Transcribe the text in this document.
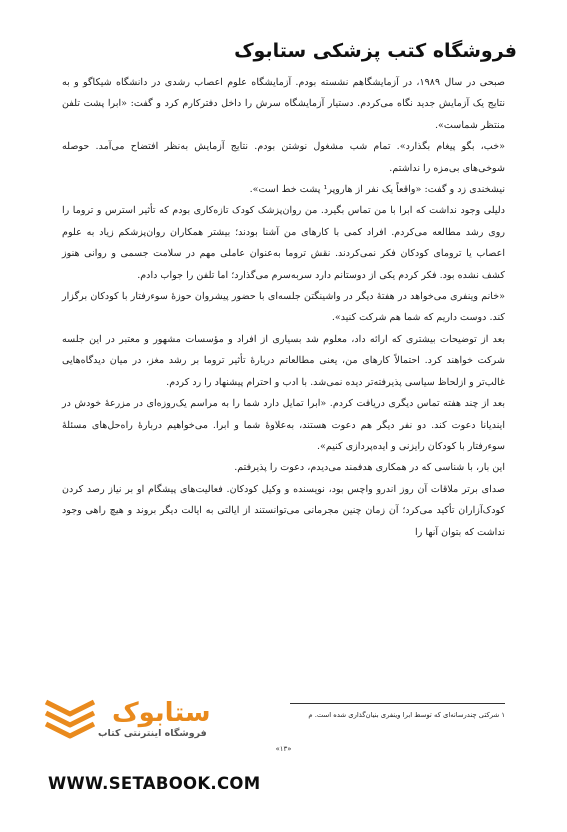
فروشگاه کتب پزشکی ستابوک

صبحی در سال ۱۹۸۹، در آزمایشگاهم نشسته بودم. آزمایشگاه علوم اعصاب رشدی در دانشگاه شیکاگو و به نتایج یک آزمایش جدید نگاه می‌کردم. دستیار آزمایشگاه سرش را داخل دفترکارم کرد و گفت: «ابرا پشت تلفن منتظر شماست».

«خب، بگو پیغام بگذارد». تمام شب مشغول نوشتن بودم. نتایج آزمایش به‌نظر افتضاح می‌آمد. حوصله شوخی‌های بی‌مزه را نداشتم.

نیشخندی زد و گفت: «واقعاً یک نفر از هاروپر¹ پشت خط است».

دلیلی وجود نداشت که ابرا با من تماس بگیرد. من روان‌پزشک کودک تازه‌کاری بودم که تأثیر استرس و تروما را روی رشد مطالعه می‌کردم. افراد کمی با کارهای من آشنا بودند؛ بیشتر همکاران روان‌پزشکم زیاد به علوم اعصاب یا تروما‌ی کودکان فکر نمی‌کردند. نقش تروما به‌عنوان عاملی مهم در سلامت جسمی و روانی هنوز کشف نشده بود. فکر کردم یکی از دوستانم دارد سربه‌سرم می‌گذارد؛ اما تلفن را جواب دادم.

«خانم وینفری می‌خواهد در هفتهٔ دیگر در واشینگتن جلسه‌ای با حضور پیشروان حوزهٔ سوءرفتار با کودکان برگزار کند. دوست داریم که شما هم شرکت کنید».

بعد از توضیحات بیشتری که ارائه داد، معلوم شد بسیاری از افراد و مؤسسات مشهور و معتبر در این جلسه شرکت خواهند کرد. احتمالاً کارهای من، یعنی مطالعاتم دربارهٔ تأثیر تروما بر رشد مغز، در میان دیدگاه‌هایی غالب‌تر و ازلحاظ سیاسی پذیرفته‌تر دیده نمی‌شد. با ادب و احترام پیشنهاد را رد کردم.

بعد از چند هفته تماس دیگری دریافت کردم. «ابرا تمایل دارد شما را به مراسم یک‌روزه‌ای در مزرعهٔ خودش در ایندیانا دعوت کند. دو نفر دیگر هم دعوت هستند، به‌علاوهٔ شما و ابرا. می‌خواهیم دربارهٔ راه‌حل‌های مسئلهٔ سوءرفتار با کودکان رایزنی و ایده‌پردازی کنیم».

این بار، با شناسی که در همکاری هدفمند می‌دیدم، دعوت را پذیرفتم.

صدای برتر ملاقات آن روز اندرو واچس بود، نویسنده و وکیل کودکان. فعالیت‌های پیشگام او بر نیاز رصد کردن کودک‌آزاران تأکید می‌کرد؛ آن زمان چنین مجرمانی می‌توانستند از ایالتی به ایالت دیگر بروند و هیچ راهی وجود نداشت که بتوان آنها را

۱ شرکتی چندرسانه‌ای که توسط ابرا وینفری بنیان‌گذاری شده است. م
«۱۳»
ستابوک
فروشگاه اینترنتی کتاب
WWW.SETABOOK.COM
